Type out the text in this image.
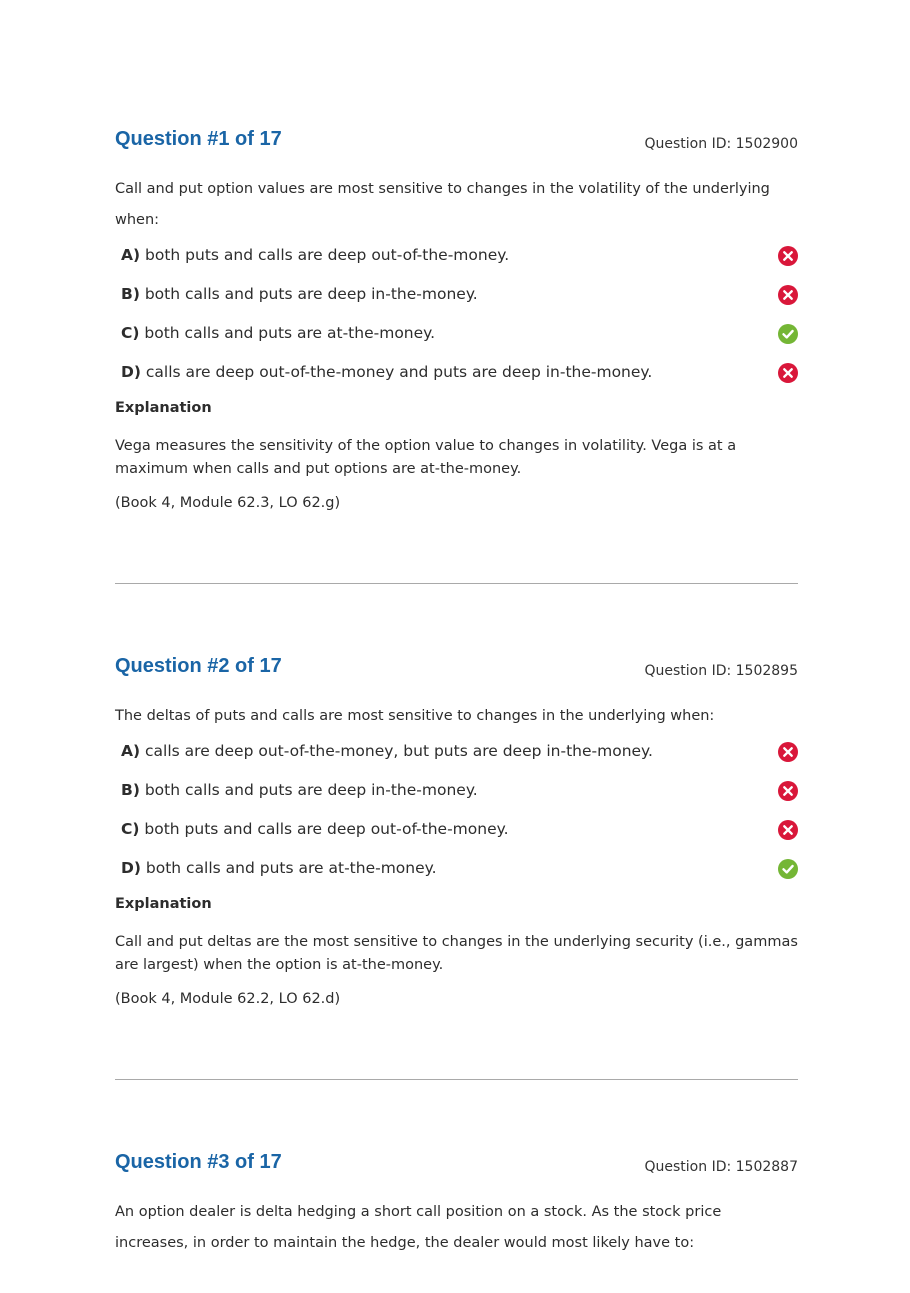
Question #1 of 17	Question ID: 1502900
Call and put option values are most sensitive to changes in the volatility of the underlying when:
A) both puts and calls are deep out-of-the-money.
B) both calls and puts are deep in-the-money.
C) both calls and puts are at-the-money.
D) calls are deep out-of-the-money and puts are deep in-the-money.
Explanation
Vega measures the sensitivity of the option value to changes in volatility. Vega is at a maximum when calls and put options are at-the-money.
(Book 4, Module 62.3, LO 62.g)
Question #2 of 17	Question ID: 1502895
The deltas of puts and calls are most sensitive to changes in the underlying when:
A) calls are deep out-of-the-money, but puts are deep in-the-money.
B) both calls and puts are deep in-the-money.
C) both puts and calls are deep out-of-the-money.
D) both calls and puts are at-the-money.
Explanation
Call and put deltas are the most sensitive to changes in the underlying security (i.e., gammas are largest) when the option is at-the-money.
(Book 4, Module 62.2, LO 62.d)
Question #3 of 17	Question ID: 1502887
An option dealer is delta hedging a short call position on a stock. As the stock price increases, in order to maintain the hedge, the dealer would most likely have to:
